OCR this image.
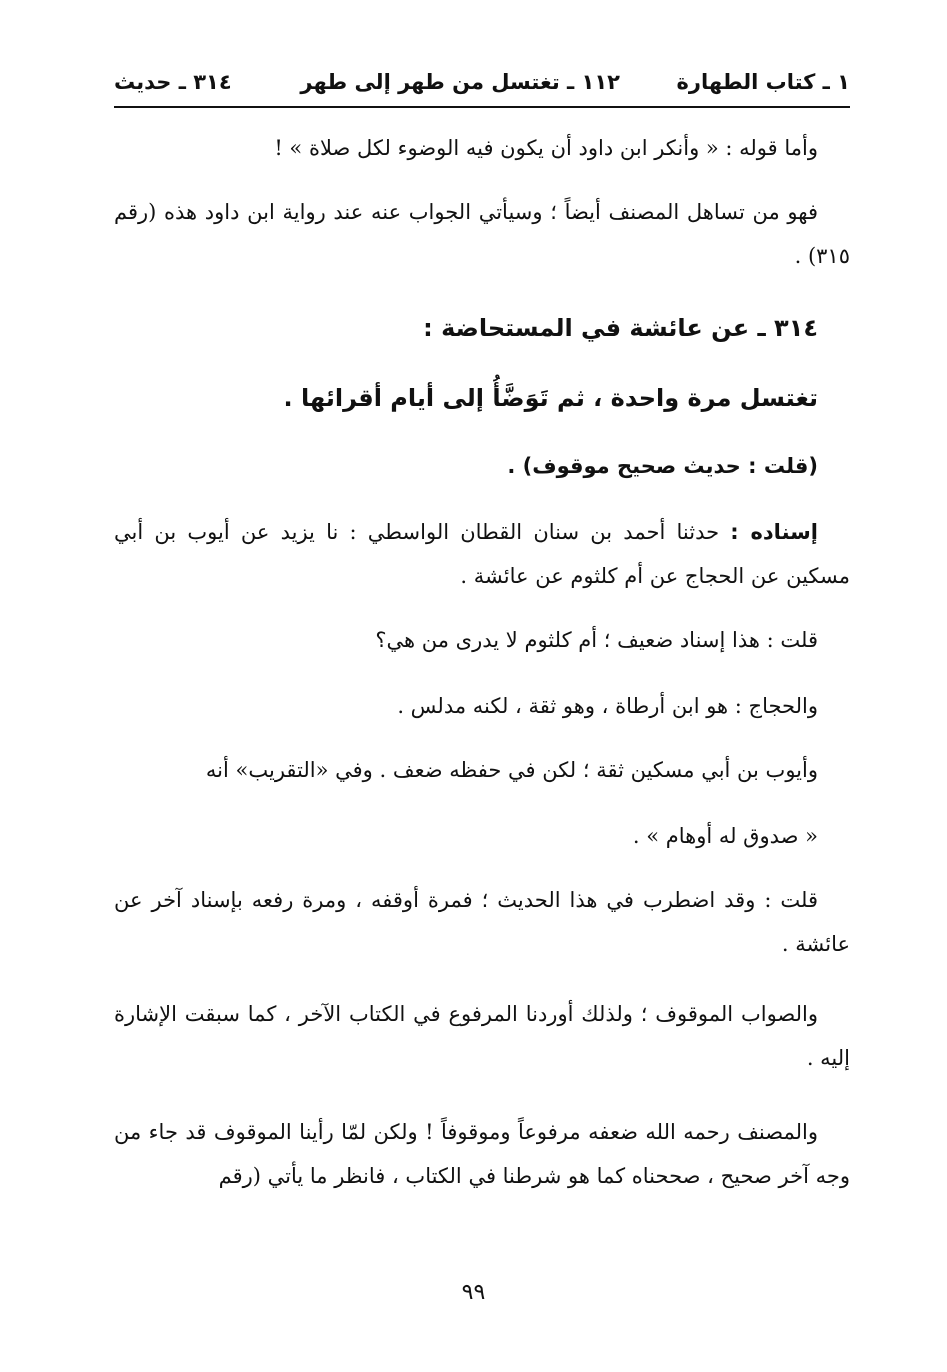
١ ـ كتاب الطهارة
١١٢ ـ تغتسل من طهر إلى طهر
٣١٤ ـ حديث

وأما قوله : « وأنكر ابن داود أن يكون فيه الوضوء لكل صلاة » !

فهو من تساهل المصنف أيضاً ؛ وسيأتي الجواب عنه عند رواية ابن داود هذه (رقم ٣١٥) .

٣١٤ ـ عن عائشة في المستحاضة :

تغتسل مرة واحدة ، ثم تَوَضَّأُ إلى أيام أقرائها .

(قلت : حديث صحيح موقوف) .

إسناده : حدثنا أحمد بن سنان القطان الواسطي : نا يزيد عن أيوب بن أبي مسكين عن الحجاج عن أم كلثوم عن عائشة .

قلت : هذا إسناد ضعيف ؛ أم كلثوم لا يدرى من هي؟

والحجاج : هو ابن أرطاة ، وهو ثقة ، لكنه مدلس .

وأيوب بن أبي مسكين ثقة ؛ لكن في حفظه ضعف . وفي «التقريب» أنه

« صدوق له أوهام » .

قلت : وقد اضطرب في هذا الحديث ؛ فمرة أوقفه ، ومرة رفعه بإسناد آخر عن عائشة .

والصواب الموقوف ؛ ولذلك أوردنا المرفوع في الكتاب الآخر ، كما سبقت الإشارة إليه .

والمصنف رحمه الله ضعفه مرفوعاً وموقوفاً ! ولكن لمّا رأينا الموقوف قد جاء من وجه آخر صحيح ، صححناه كما هو شرطنا في الكتاب ، فانظر ما يأتي (رقم

٩٩
